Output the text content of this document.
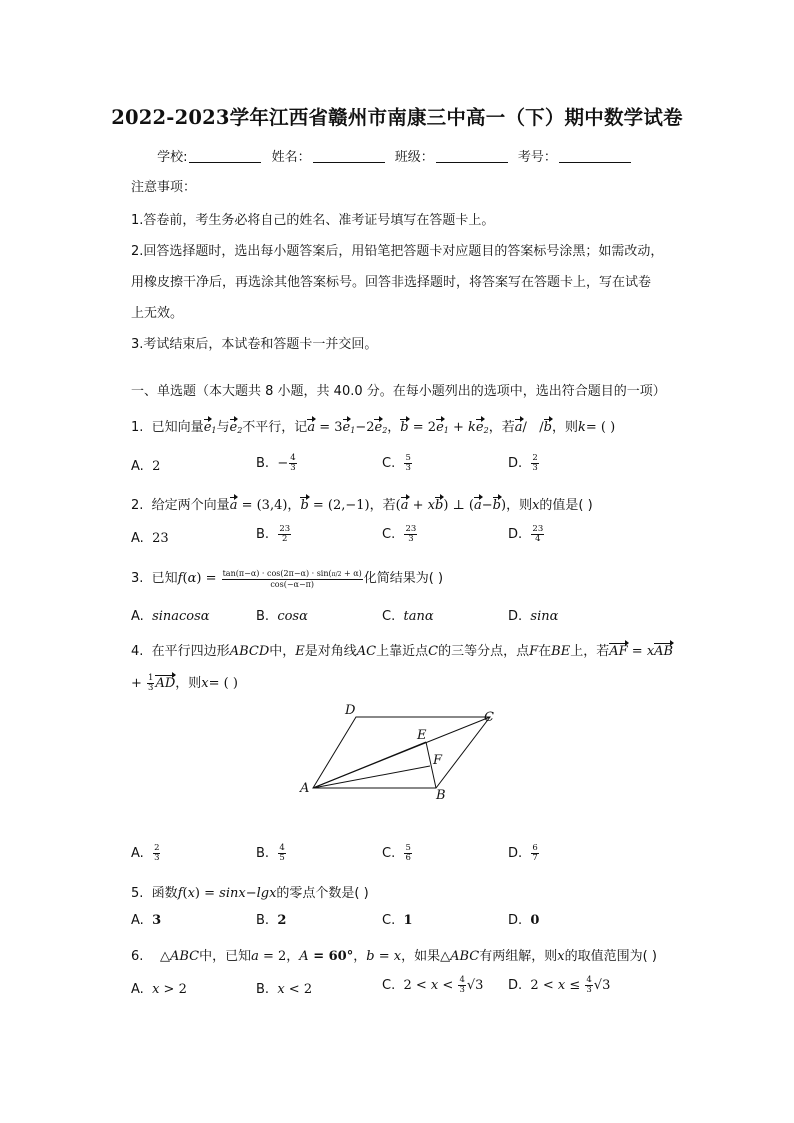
2022-2023学年江西省赣州市南康三中高一（下）期中数学试卷
学校:	姓名：	班级：	考号：
注意事项：
1.答卷前，考生务必将自己的姓名、准考证号填写在答题卡上。
2.回答选择题时，选出每小题答案后，用铅笔把答题卡对应题目的答案标号涂黑；如需改动，
用橡皮擦干净后，再选涂其他答案标号。回答非选择题时，将答案写在答题卡上，写在试卷
上无效。
3.考试结束后，本试卷和答题卡一并交回。
一、单选题（本大题共 8 小题，共 40.0 分。在每小题列出的选项中，选出符合题目的一项）
1. 已知向量$e_1$与$e_2$不平行，记$a = 3e_1-2e_2$，$b = 2e_1 + ke_2$，若a/   /b，则k= ( )
A. 2	B. − $\frac{4}{3}$	C. $\frac{5}{3}$	D. $\frac{2}{3}$
2. 给定两个向量a = (3,4)，b = (2,−1)，若(a + xb) ⊥ (a−b)，则x的值是( )
A. 23	B. $\frac{23}{2}$	C. $\frac{23}{3}$	D. $\frac{23}{4}$
3. 已知$f(\alpha) = \frac{\tan(\pi-\alpha) \cdot \cos(2\pi-\alpha) \cdot \sin(\pi/2 + \alpha)}{\cos(-\alpha-\pi)}$ 化简结果为( )
A. sinacosα	B. cosα	C. tanα	D. sinα
4. 在平行四边形ABCD中，E是对角线AC上靠近点C的三等分点，点F在BE上，若AF = xAB
+ $\frac{1}{3}$ AD，则x= ( )
D	C
E
F
A	B
A. $\frac{2}{3}$	B. $\frac{4}{5}$	C. $\frac{5}{6}$	D. $\frac{6}{7}$
5. 函数f(x) = sinx−lgx的零点个数是( )
A. 3	B. 2	C. 1	D. 0
6. △ABC中，已知a = 2，A = 60°，b = x，如果△ABC有两组解，则x的取值范围为( )
A. x > 2	B. x < 2	C. $2 < x < \frac{4}{3} √3$ D. $2 < x \le \frac{4}{3} √3$
